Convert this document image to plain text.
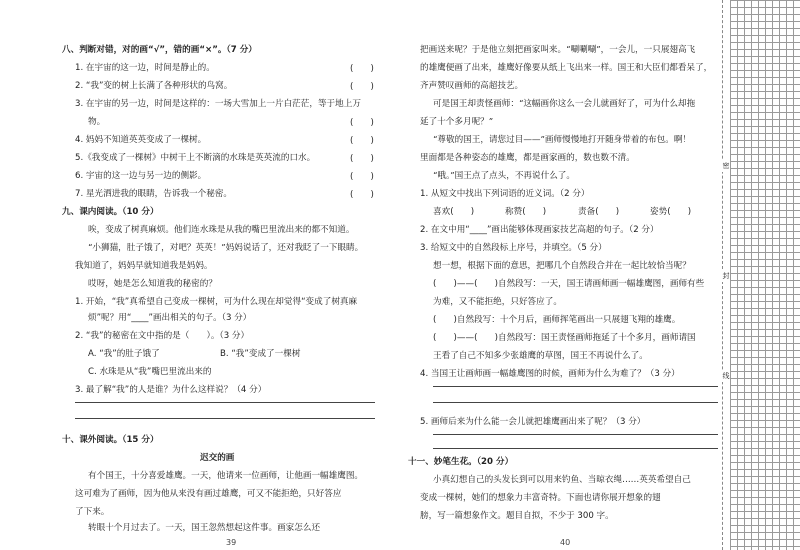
八、判断对错，对的画“√”，错的画“×”。（7 分）
1. 在宇宙的这一边，时间是静止的。	(　　)
2. “我”变的树上长满了各种形状的鸟窝。	(　　)
3. 在宇宙的另一边，时间是这样的：一场大雪加上一片白茫茫，等于地上万
物。	(　　)
4. 妈妈不知道英英变成了一棵树。	(　　)
5.《我变成了一棵树》中树干上不断滴的水珠是英英流的口水。	(　　)
6. 宇宙的这一边与另一边的侧影。	(　　)
7. 星光洒进我的眼睛，告诉我一个秘密。	(　　)
九、课内阅读。（10 分）
唉，变成了树真麻烦。他们连水珠是从我的嘴巴里流出来的都不知道。
“小狮猫，肚子饿了，对吧？英英！”妈妈说话了，还对我眨了一下眼睛。
我知道了，妈妈早就知道我是妈妈。
哎呀，她是怎么知道我的秘密的？
1. 开始，“我”真希望自己变成一棵树，可为什么现在却觉得“变成了树真麻
烦”呢？用“____”画出相关的句子。（3 分）
2. “我”的秘密在文中指的是（　　）。（3 分）
A. “我”的肚子饿了	B. “我”变成了一棵树
C. 水珠是从“我”嘴巴里流出来的
3. 最了解“我”的人是谁？为什么这样说？（4 分）
十、课外阅读。（15 分）
迟交的画
有个国王，十分喜爱雄鹰。一天，他请来一位画师，让他画一幅雄鹰图。
这可难为了画师，因为他从来没有画过雄鹰，可又不能拒绝，只好答应
了下来。
转眼十个月过去了。一天，国王忽然想起这件事。画家怎么还
39
把画送来呢？于是他立刻把画家叫来。“唰唰唰”，一会儿，一只展翅高飞
的雄鹰便画了出来，雄鹰好像要从纸上飞出来一样。国王和大臣们都看呆了，
齐声赞叹画师的高超技艺。
可是国王却责怪画师：“这幅画你这么一会儿就画好了，可为什么却拖
延了十个多月呢？”
“尊敬的国王，请您过目——”画师慢慢地打开随身带着的布包。啊！
里面都是各种姿态的雄鹰，都是画家画的，数也数不清。
“哦。”国王点了点头，不再说什么了。
1. 从短文中找出下列词语的近义词。（2 分）
喜欢(　　)	称赞(　　)	责备(　　)	姿势(　　)
2. 在文中用“____”画出能够体现画家技艺高超的句子。（2 分）
3. 给短文中的自然段标上序号，并填空。（5 分）
想一想，根据下面的意思，把哪几个自然段合并在一起比较恰当呢？
(　　)——(　　)自然段写：一天，国王请画师画一幅雄鹰图，画师有些
为难，又不能拒绝，只好答应了。
(　　)自然段写：十个月后，画师挥笔画出一只展翅飞翔的雄鹰。
(　　)——(　　)自然段写：国王责怪画师拖延了十个多月，画师请国
王看了自己不知多少张雄鹰的草图，国王不再说什么了。
4. 当国王让画师画一幅雄鹰图的时候，画师为什么为难了？（3 分）
5. 画师后来为什么能一会儿就把雄鹰画出来了呢？（3 分）
十一、妙笔生花。（20 分）
小真幻想自己的头发长到可以用来钓鱼、当晾衣绳……英英希望自己
变成一棵树，她们的想象力丰富奇特。下面也请你展开想象的翅
膀，写一篇想象作文。题目自拟，不少于 300 字。
40
密
封
线
